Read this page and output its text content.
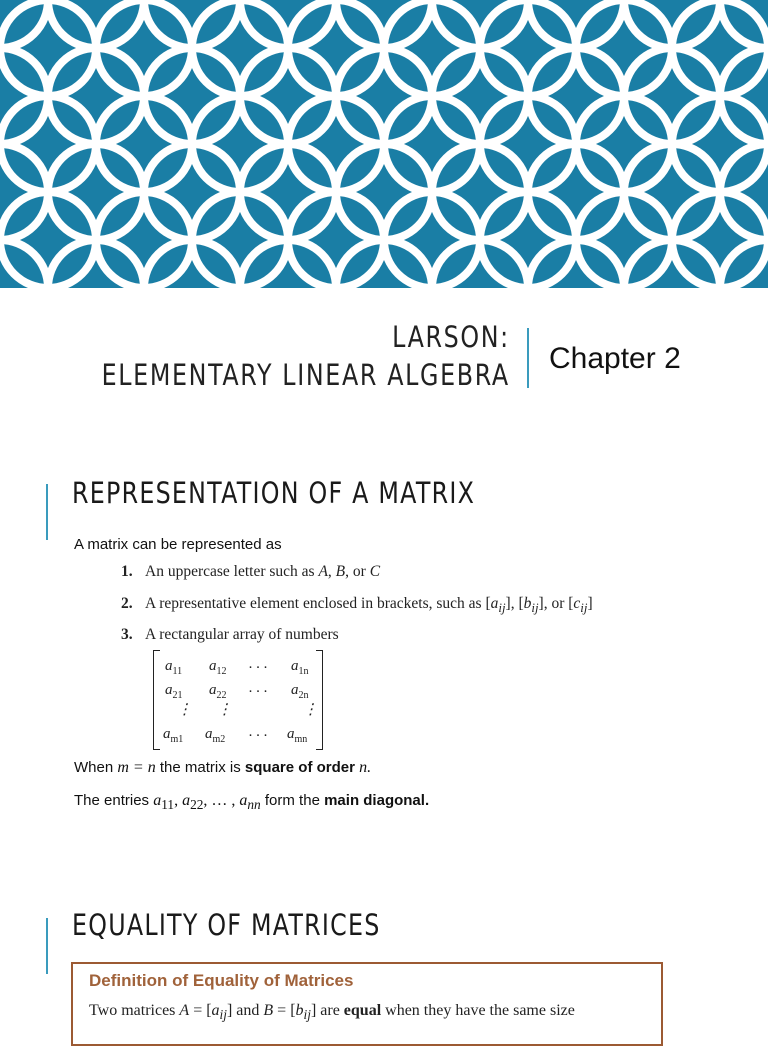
LARSON:
ELEMENTARY LINEAR ALGEBRA Chapter 2
REPRESENTATION OF A MATRIX
A matrix can be represented as
1. An uppercase letter such as A, B, or C
2. A representative element enclosed in brackets, such as $[a_{ij}]$, $[b_{ij}]$, or $[c_{ij}]$
3. A rectangular array of numbers
$a_{11}$ $a_{12}$ . . . $a_{1n}$
$a_{21}$ $a_{22}$ . . . $a_{2n}$
⋮ ⋮	⋮
$a_{m1}$ $a_{m2}$ . . . $a_{mn}$
When m = n the matrix is square of order n.
The entries $a_{11}$, $a_{22}$, … , $a_{nn}$ form the main diagonal.
EQUALITY OF MATRICES
Definition of Equality of Matrices
Two matrices $A = [a_{ij}]$ and $B = [b_{ij}]$ are equal when they have the same size
